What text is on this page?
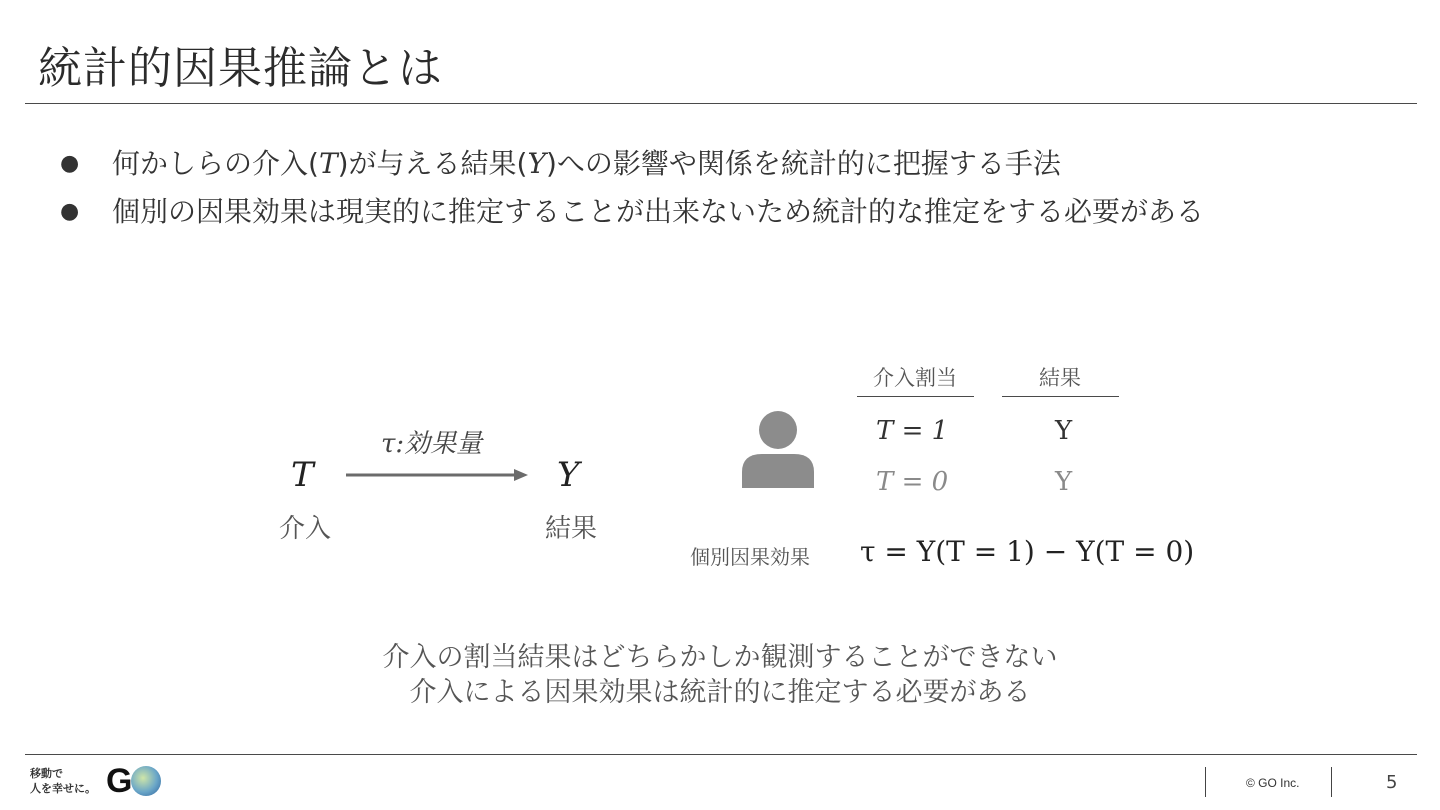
統計的因果推論とは
●	何かしらの介入(T)が与える結果(Y)への影響や関係を統計的に把握する手法
●	個別の因果効果は現実的に推定することが出来ないため統計的な推定をする必要がある
T	Y
τ:効果量
介入	結果
介入割当	結果
T = 1	Y
T = 0	Y
個別因果効果 τ = Y(T = 1) − Y(T = 0)
介入の割当結果はどちらかしか観測することができない
介入による因果効果は統計的に推定する必要がある
移動で
人を幸せに。 G	© GO Inc.	5
